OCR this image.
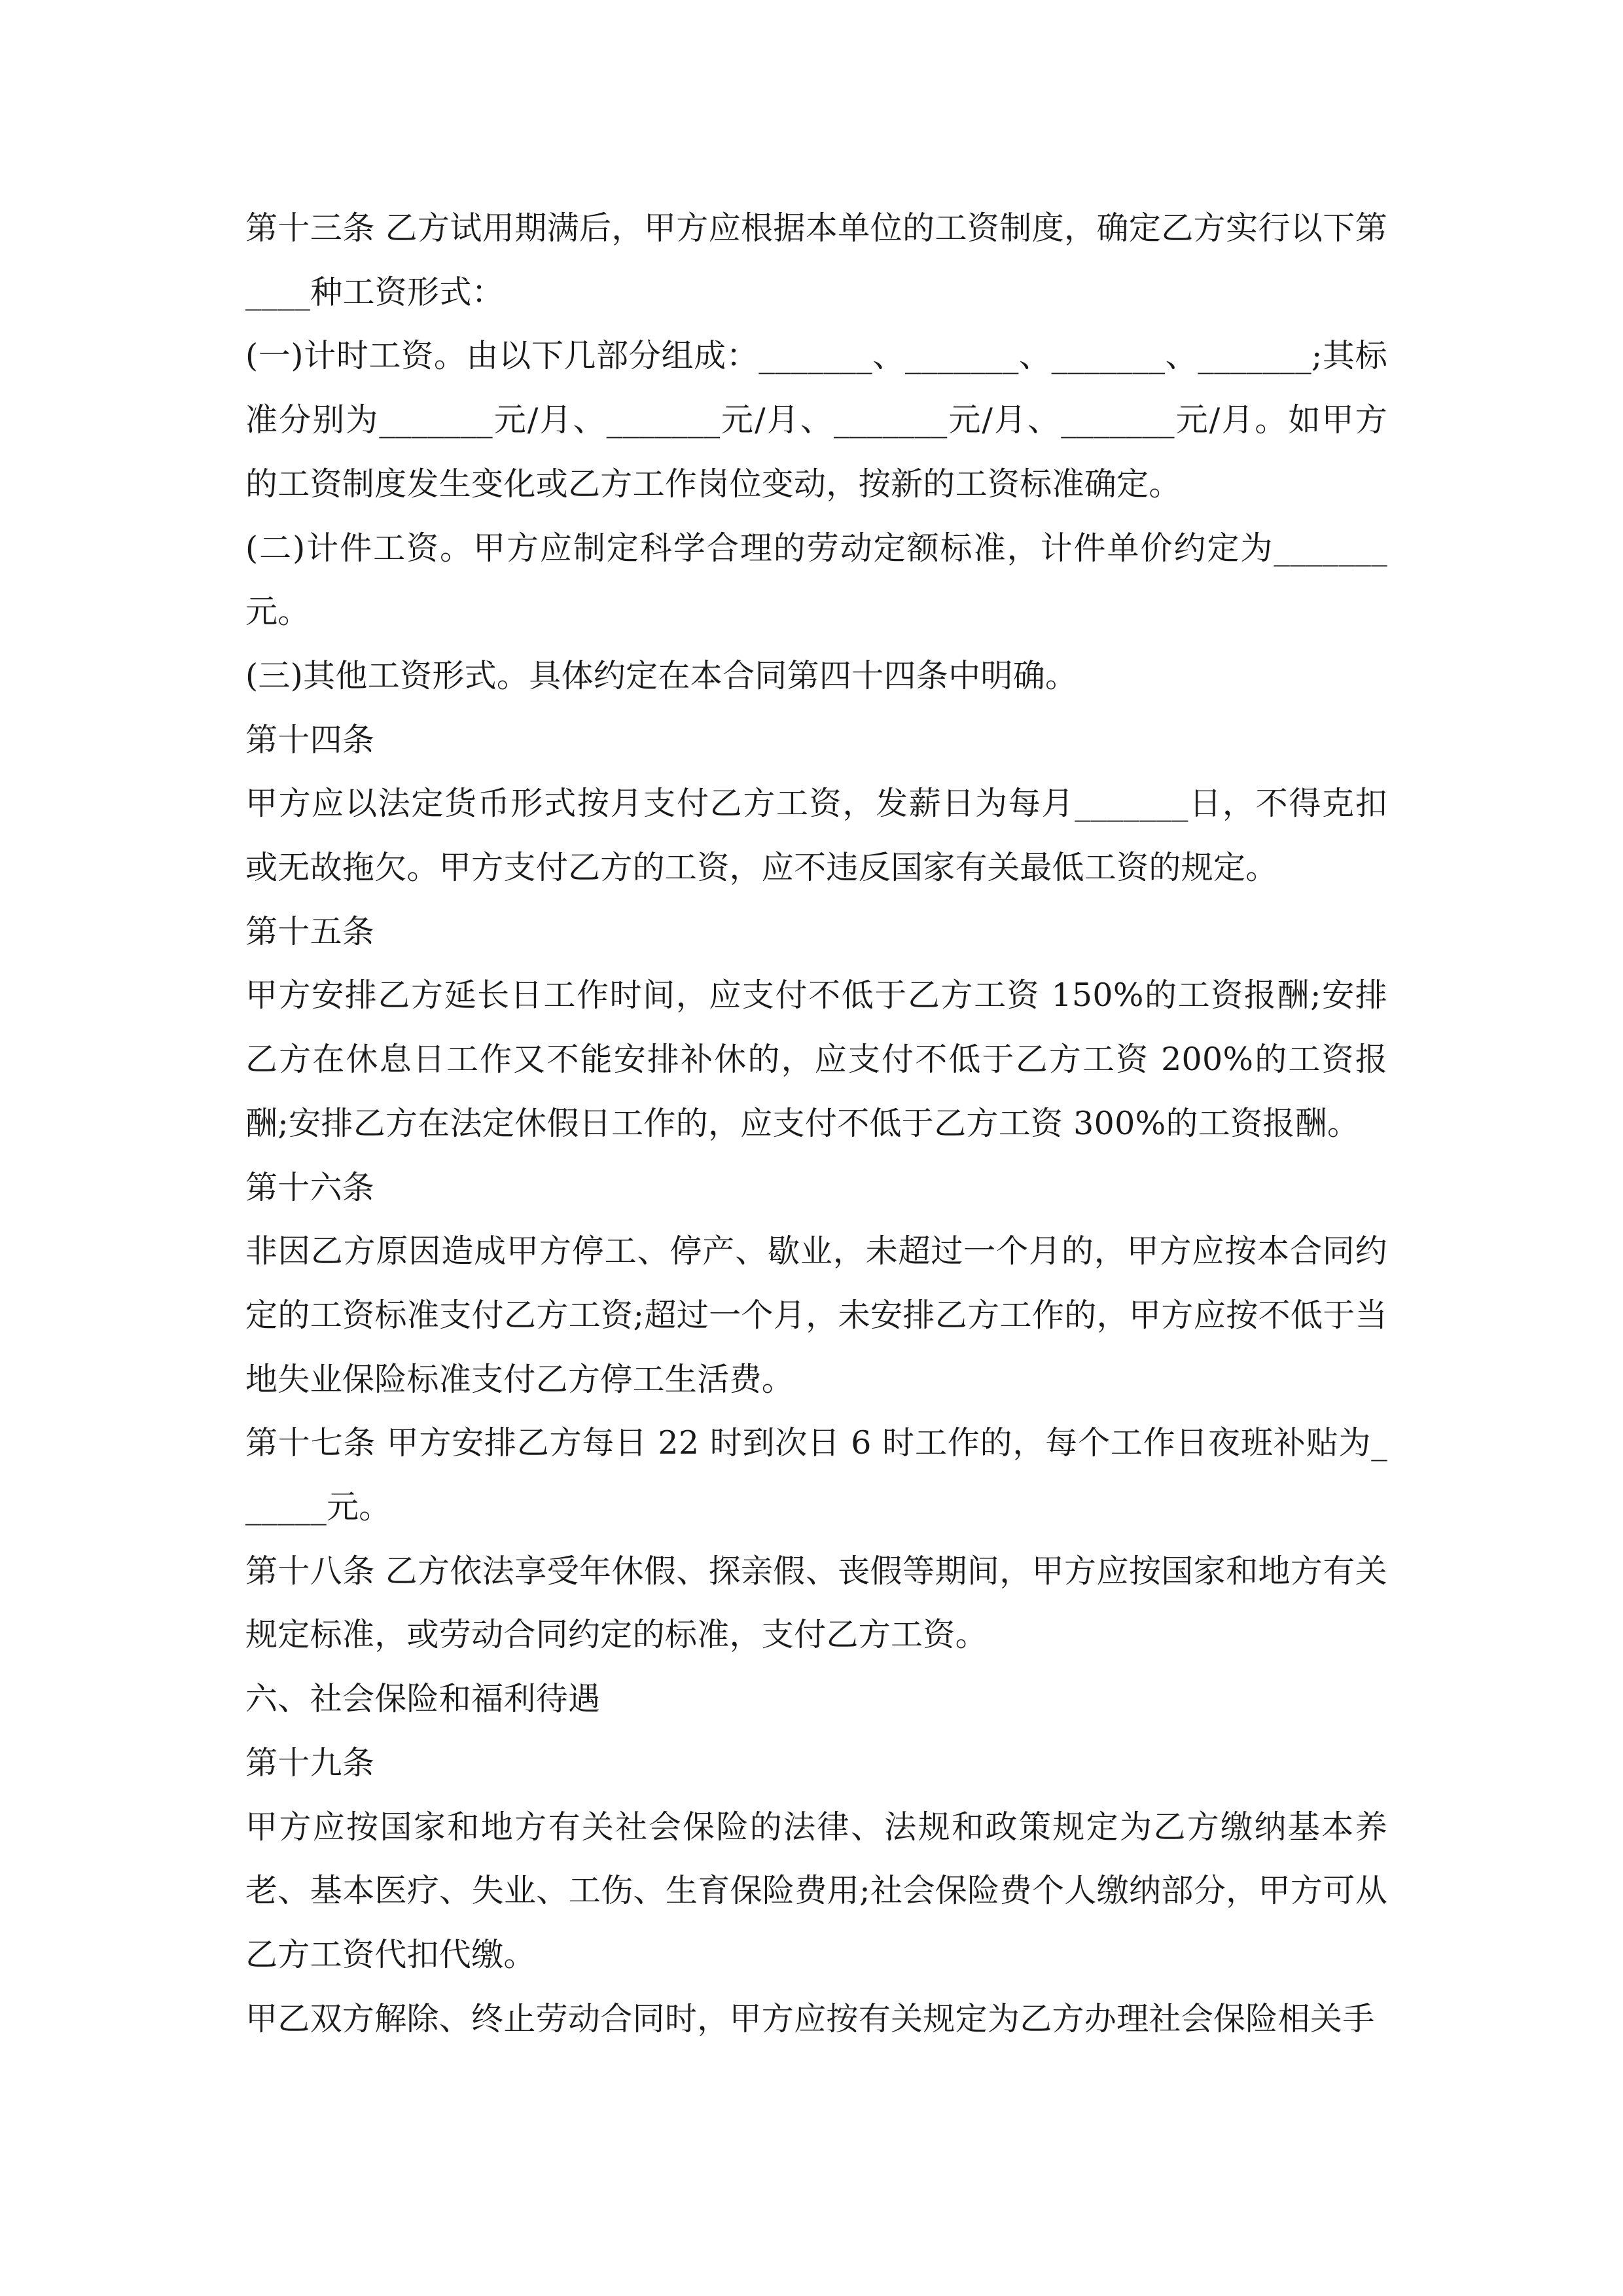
第十三条 乙方试用期满后，甲方应根据本单位的工资制度，确定乙方实行以下第____种工资形式：

(一)计时工资。由以下几部分组成：_______、_______、_______、_______;其标准分别为_______元/月、_______元/月、_______元/月、_______元/月。如甲方的工资制度发生变化或乙方工作岗位变动，按新的工资标准确定。

(二)计件工资。甲方应制定科学合理的劳动定额标准，计件单价约定为_______元。

(三)其他工资形式。具体约定在本合同第四十四条中明确。

第十四条

甲方应以法定货币形式按月支付乙方工资，发薪日为每月_______日，不得克扣或无故拖欠。甲方支付乙方的工资，应不违反国家有关最低工资的规定。

第十五条

甲方安排乙方延长日工作时间，应支付不低于乙方工资 150%的工资报酬;安排乙方在休息日工作又不能安排补休的，应支付不低于乙方工资 200%的工资报酬;安排乙方在法定休假日工作的，应支付不低于乙方工资 300%的工资报酬。

第十六条

非因乙方原因造成甲方停工、停产、歇业，未超过一个月的，甲方应按本合同约定的工资标准支付乙方工资;超过一个月，未安排乙方工作的，甲方应按不低于当地失业保险标准支付乙方停工生活费。

第十七条 甲方安排乙方每日 22 时到次日 6 时工作的，每个工作日夜班补贴为______元。

第十八条 乙方依法享受年休假、探亲假、丧假等期间，甲方应按国家和地方有关规定标准，或劳动合同约定的标准，支付乙方工资。

六、社会保险和福利待遇

第十九条

甲方应按国家和地方有关社会保险的法律、法规和政策规定为乙方缴纳基本养老、基本医疗、失业、工伤、生育保险费用;社会保险费个人缴纳部分，甲方可从乙方工资代扣代缴。

甲乙双方解除、终止劳动合同时，甲方应按有关规定为乙方办理社会保险相关手
